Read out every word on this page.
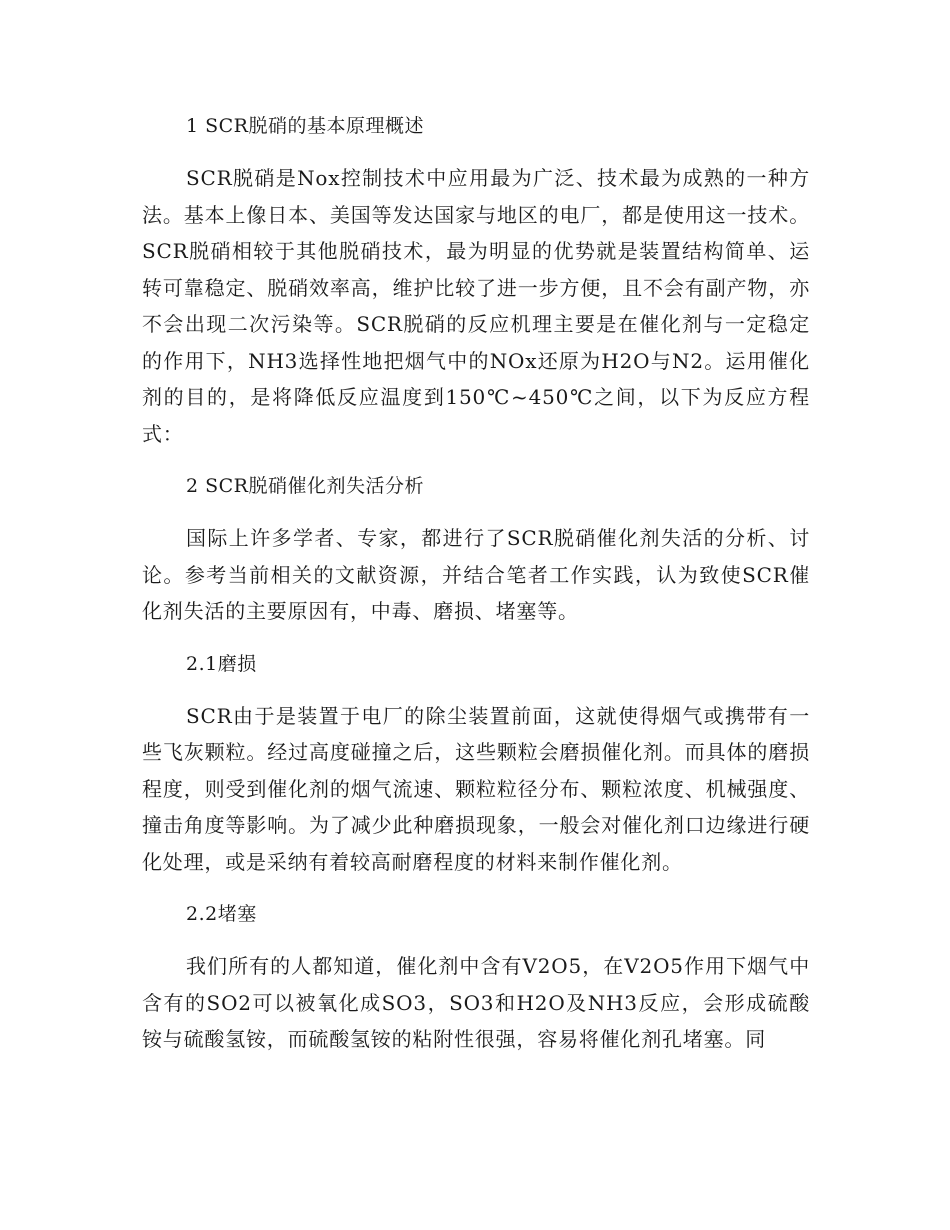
1 SCR脱硝的基本原理概述

SCR脱硝是Nox控制技术中应用最为广泛、技术最为成熟的一种方法。基本上像日本、美国等发达国家与地区的电厂，都是使用这一技术。SCR脱硝相较于其他脱硝技术，最为明显的优势就是装置结构简单、运转可靠稳定、脱硝效率高，维护比较了进一步方便，且不会有副产物，亦不会出现二次污染等。SCR脱硝的反应机理主要是在催化剂与一定稳定的作用下，NH3选择性地把烟气中的NOx还原为H2O与N2。运用催化剂的目的，是将降低反应温度到150℃~450℃之间，以下为反应方程式：

2 SCR脱硝催化剂失活分析

国际上许多学者、专家，都进行了SCR脱硝催化剂失活的分析、讨论。参考当前相关的文献资源，并结合笔者工作实践，认为致使SCR催化剂失活的主要原因有，中毒、磨损、堵塞等。

2.1磨损

SCR由于是装置于电厂的除尘装置前面，这就使得烟气或携带有一些飞灰颗粒。经过高度碰撞之后，这些颗粒会磨损催化剂。而具体的磨损程度，则受到催化剂的烟气流速、颗粒粒径分布、颗粒浓度、机械强度、撞击角度等影响。为了减少此种磨损现象，一般会对催化剂口边缘进行硬化处理，或是采纳有着较高耐磨程度的材料来制作催化剂。

2.2堵塞

我们所有的人都知道，催化剂中含有V2O5，在V2O5作用下烟气中含有的SO2可以被氧化成SO3，SO3和H2O及NH3反应，会形成硫酸铵与硫酸氢铵，而硫酸氢铵的粘附性很强，容易将催化剂孔堵塞。同
